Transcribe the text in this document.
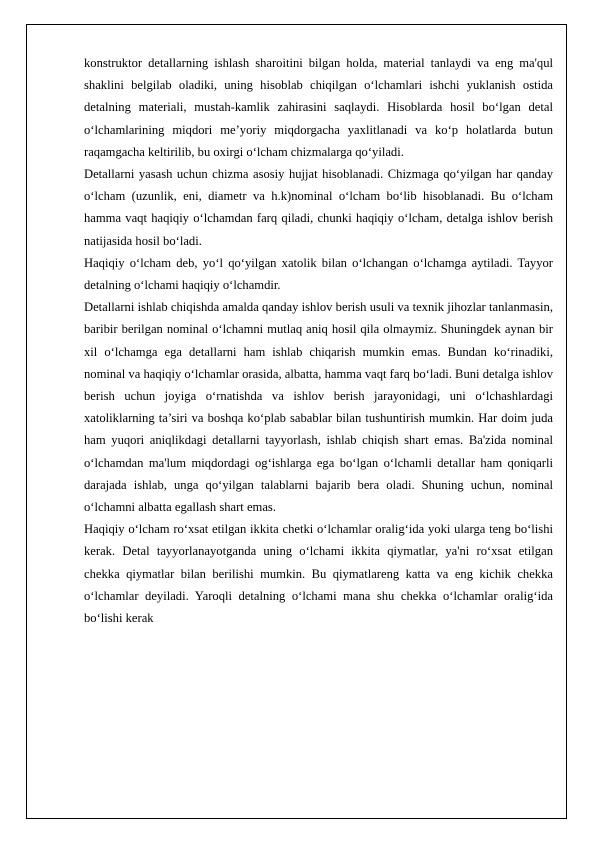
konstruktor detallarning ishlash sharoitini bilgan holda, material tanlaydi va eng ma'qul shaklini belgilab oladiki, uning hisoblab chiqilgan o‘lchamlari ishchi yuklanish ostida detalning materiali, mustah-kamlik zahirasini saqlaydi. Hisoblarda hosil bo‘lgan detal o‘lchamlarining miqdori me’yoriy miqdorgacha yaxlitlanadi va ko‘p holatlarda butun raqamgacha keltirilib, bu oxirgi o‘lcham chizmalarga qo‘yiladi.

Detallarni yasash uchun chizma asosiy hujjat hisoblanadi. Chizmaga qo‘yilgan har qanday o‘lcham (uzunlik, eni, diametr va h.k)nominal o‘lcham bo‘lib hisoblanadi. Bu o‘lcham hamma vaqt haqiqiy o‘lchamdan farq qiladi, chunki haqiqiy o‘lcham, detalga ishlov berish natijasida hosil bo‘ladi.

Haqiqiy o‘lcham deb, yo‘l qo‘yilgan xatolik bilan o‘lchangan o‘lchamga aytiladi. Tayyor detalning o‘lchami haqiqiy o‘lchamdir.

Detallarni ishlab chiqishda amalda qanday ishlov berish usuli va texnik jihozlar tanlanmasin, baribir berilgan nominal o‘lchamni mutlaq aniq hosil qila olmaymiz. Shuningdek aynan bir xil o‘lchamga ega detallarni ham ishlab chiqarish mumkin emas. Bundan ko‘rinadiki, nominal va haqiqiy o‘lchamlar orasida, albatta, hamma vaqt farq bo‘ladi. Buni detalga ishlov berish uchun joyiga o‘rnatishda va ishlov berish jarayonidagi, uni o‘lchashlardagi xatoliklarning ta’siri va boshqa ko‘plab sabablar bilan tushuntirish mumkin. Har doim juda ham yuqori aniqlikdagi detallarni tayyorlash, ishlab chiqish shart emas. Ba'zida nominal o‘lchamdan ma'lum miqdordagi og‘ishlarga ega bo‘lgan o‘lchamli detallar ham qoniqarli darajada ishlab, unga qo‘yilgan talablarni bajarib bera oladi. Shuning uchun, nominal o‘lchamni albatta egallash shart emas.

Haqiqiy o‘lcham ro‘xsat etilgan ikkita chetki o‘lchamlar oralig‘ida yoki ularga teng bo‘lishi kerak. Detal tayyorlanayotganda uning o‘lchami ikkita qiymatlar, ya'ni ro‘xsat etilgan chekka qiymatlar bilan berilishi mumkin. Bu qiymatlareng katta va eng kichik chekka o‘lchamlar deyiladi. Yaroqli detalning o‘lchami mana shu chekka o‘lchamlar oralig‘ida bo‘lishi kerak
